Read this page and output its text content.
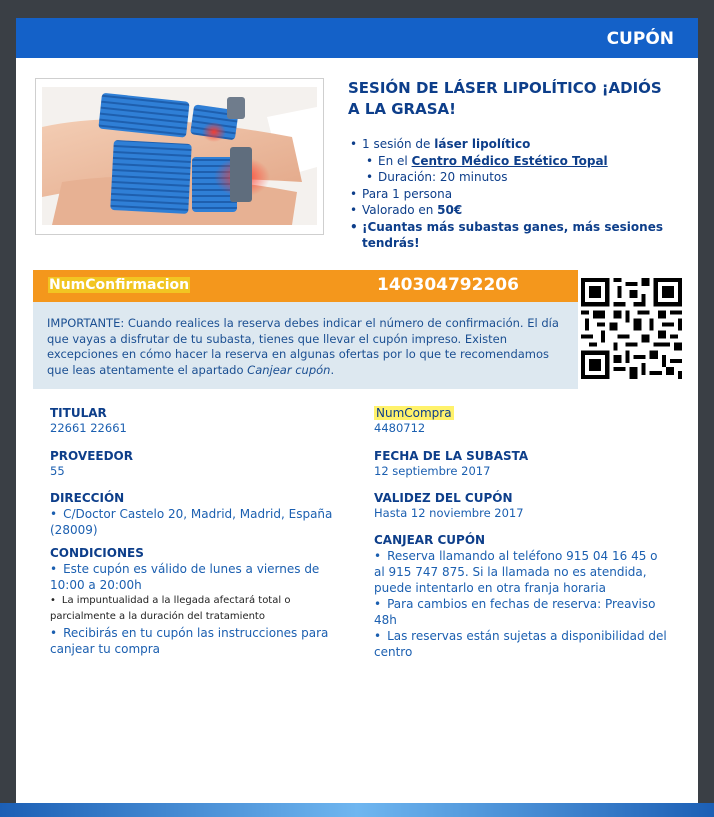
CUPÓN
SESIÓN DE LÁSER LIPOLÍTICO ¡ADIÓS A LA GRASA!
• 1 sesión de láser lipolítico
• En el Centro Médico Estético Topal
• Duración: 20 minutos
• Para 1 persona
• Valorado en 50€
• ¡Cuantas más subastas ganes, más sesiones tendrás!
NumConfirmacion	140304792206
IMPORTANTE: Cuando realices la reserva debes indicar el número de confirmación. El día que vayas a disfrutar de tu subasta, tienes que llevar el cupón impreso. Existen excepciones en cómo hacer la reserva en algunas ofertas por lo que te recomendamos que leas atentamente el apartado Canjear cupón.
TITULAR
22661 22661
PROVEEDOR
55
DIRECCIÓN
• C/Doctor Castelo 20, Madrid, Madrid, España (28009)
CONDICIONES
• Este cupón es válido de lunes a viernes de 10:00 a 20:00h
• La impuntualidad a la llegada afectará total o parcialmente a la duración del tratamiento
• Recibirás en tu cupón las instrucciones para canjear tu compra
NumCompra
4480712
FECHA DE LA SUBASTA
12 septiembre 2017
VALIDEZ DEL CUPÓN
Hasta 12 noviembre 2017
CANJEAR CUPÓN
• Reserva llamando al teléfono 915 04 16 45 o al 915 747 875. Si la llamada no es atendida, puede intentarlo en otra franja horaria
• Para cambios en fechas de reserva: Preaviso 48h
• Las reservas están sujetas a disponibilidad del centro
